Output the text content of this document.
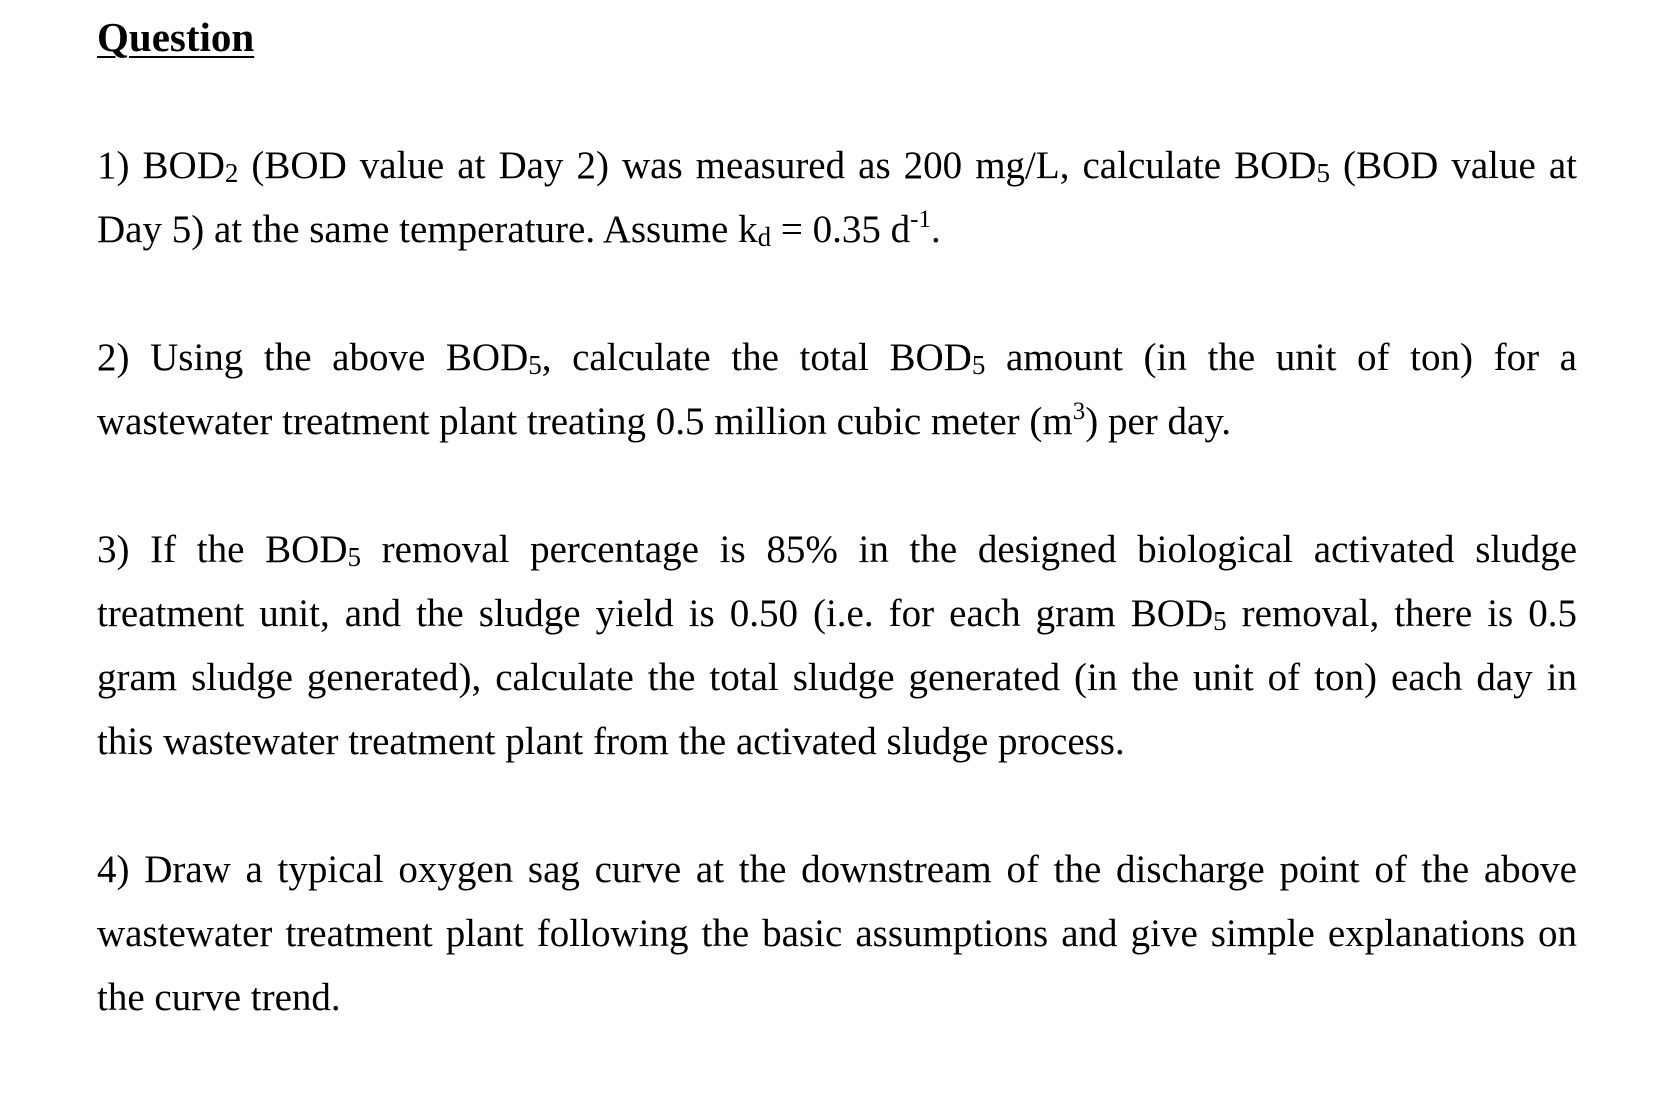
Question
1) BOD2 (BOD value at Day 2) was measured as 200 mg/L, calculate BOD5 (BOD value at Day 5) at the same temperature. Assume kd = 0.35 $d^{-1}$.
2) Using the above BOD5, calculate the total BOD5 amount (in the unit of ton) for a wastewater treatment plant treating 0.5 million cubic meter $(m^3)$ per day.
3) If the BOD5 removal percentage is 85% in the designed biological activated sludge treatment unit, and the sludge yield is 0.50 (i.e. for each gram BOD5 removal, there is 0.5 gram sludge generated), calculate the total sludge generated (in the unit of ton) each day in this wastewater treatment plant from the activated sludge process.
4) Draw a typical oxygen sag curve at the downstream of the discharge point of the above wastewater treatment plant following the basic assumptions and give simple explanations on the curve trend.
